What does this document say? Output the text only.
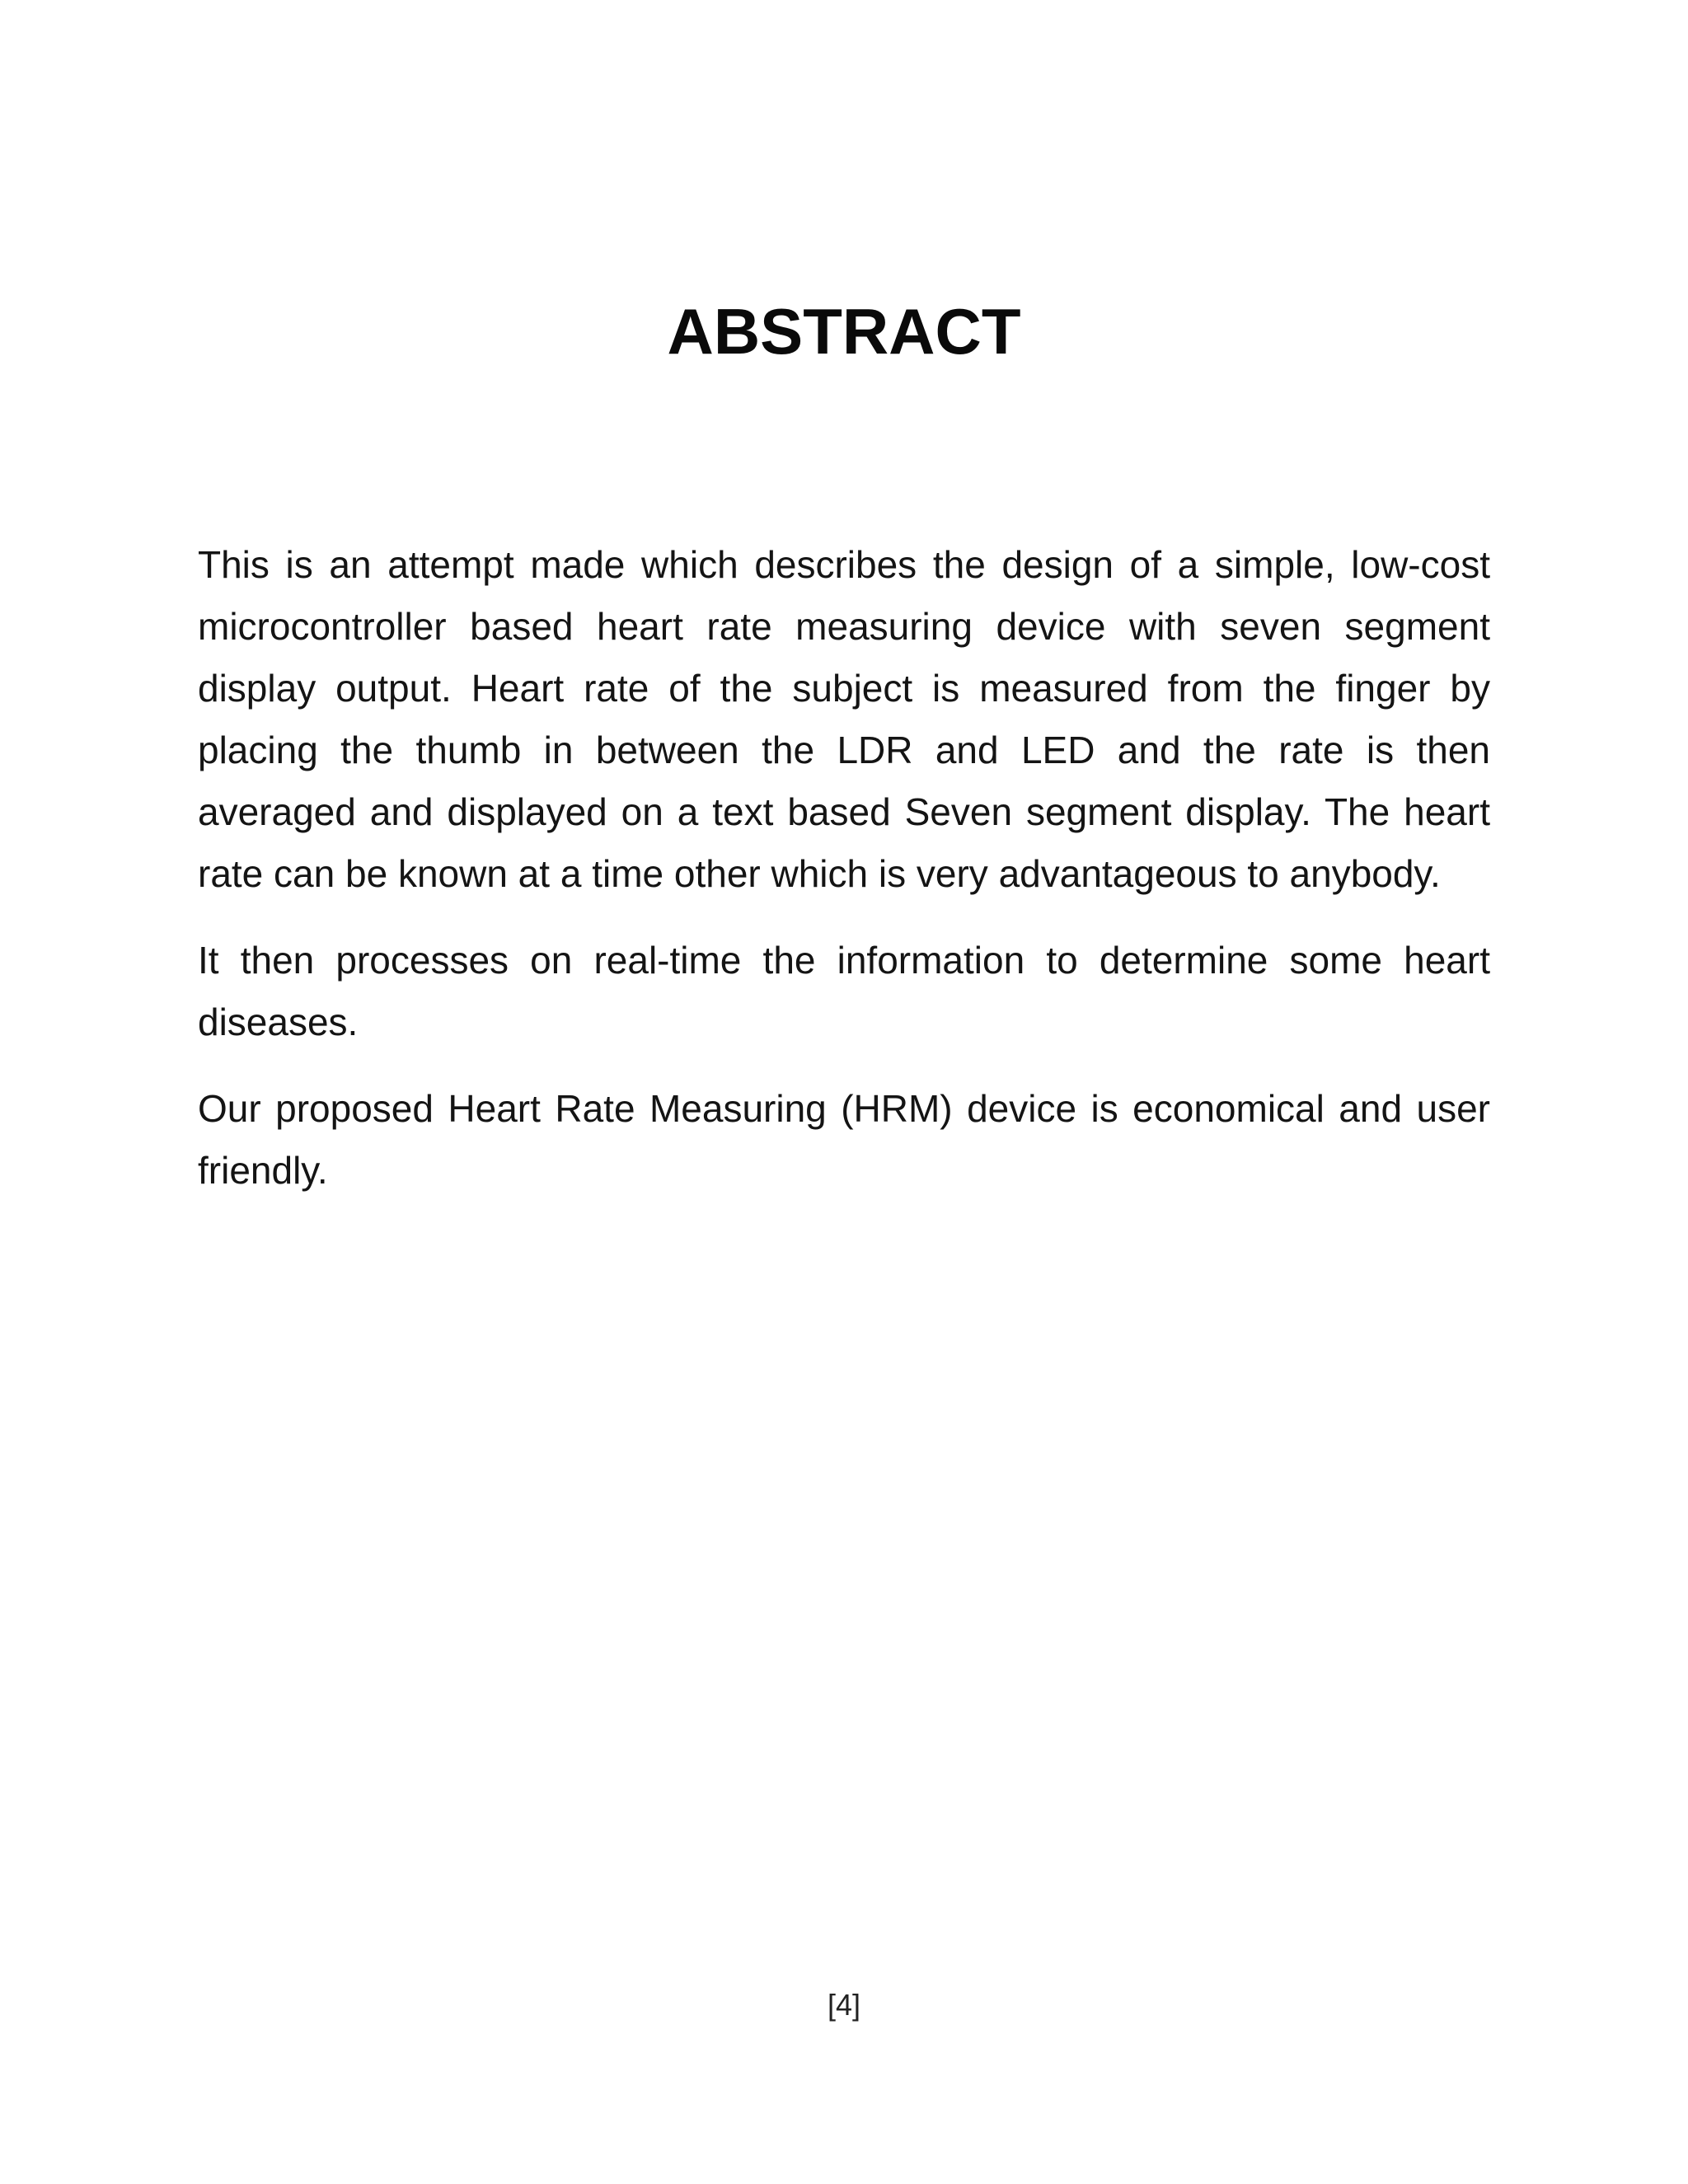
ABSTRACT

This is an attempt made which describes the design of a simple, low-cost microcontroller based heart rate measuring device with seven segment display output. Heart rate of the subject is measured from the finger by placing the thumb in between the LDR and LED and the rate is then averaged and displayed on a text based Seven segment display. The heart rate can be known at a time other which is very advantageous to anybody.

It then processes on real-time the information to determine some heart diseases.

Our proposed Heart Rate Measuring (HRM) device is economical and user friendly.

[4]
